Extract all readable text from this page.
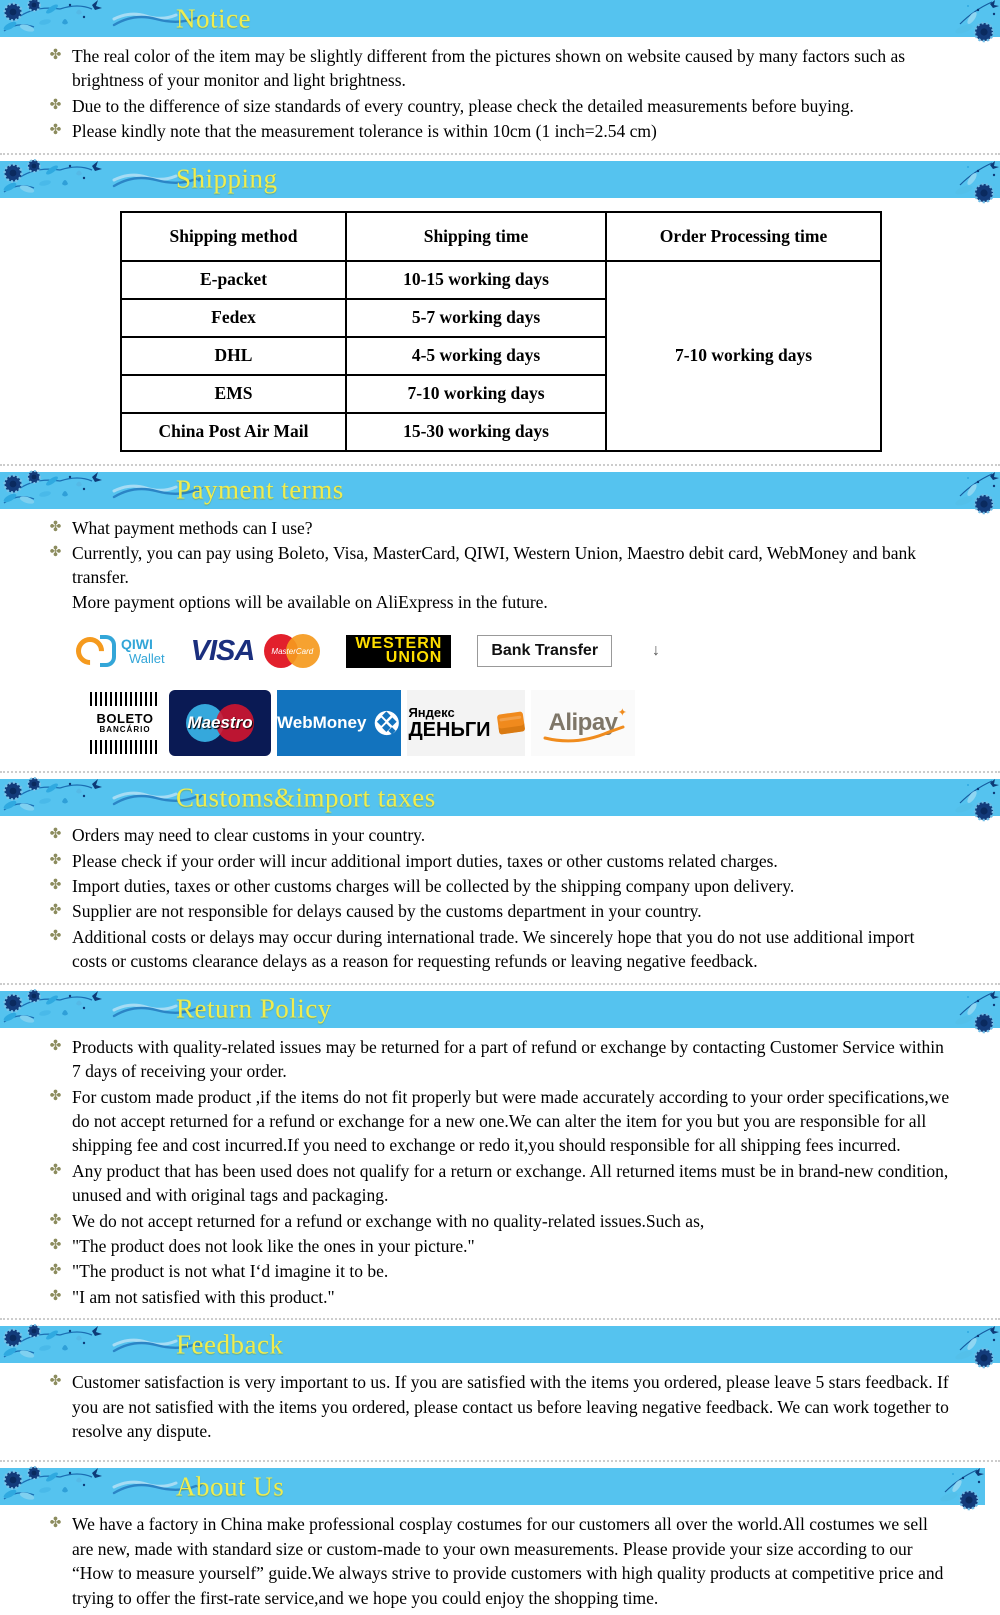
Notice
✤ The real color of the item may be slightly different from the pictures shown on website caused by many factors such as brightness of your monitor and light brightness.
✤ Due to the difference of size standards of every country, please check the detailed measurements before buying.
✤ Please kindly note that the measurement tolerance is within 10cm (1 inch=2.54 cm)
Shipping
Shipping method	Shipping time	Order Processing time
E-packet	10-15 working days	7-10 working days
Fedex	5-7 working days	
DHL	4-5 working days	
EMS	7-10 working days	
China Post Air Mail	15-30 working days	
Payment terms
✤ What payment methods can I use?
✤ Currently, you can pay using Boleto, Visa, MasterCard, QIWI, Western Union, Maestro debit card, WebMoney and bank transfer.
More payment options will be available on AliExpress in the future.
QIWI
Wallet VISA	MasterCard	WESTERN
UNION	Bank Transfer	↓
BOLETO
BANCÁRIO	Maestro WebMoney
Яндекс
ДЕНЬГИ Alipay ✦
Customs&import taxes
✤ Orders may need to clear customs in your country.
✤ Please check if your order will incur additional import duties, taxes or other customs related charges.
✤ Import duties, taxes or other customs charges will be collected by the shipping company upon delivery.
✤ Supplier are not responsible for delays caused by the customs department in your country.
✤ Additional costs or delays may occur during international trade. We sincerely hope that you do not use additional import costs or customs clearance delays as a reason for requesting refunds or leaving negative feedback.
Return Policy
✤ Products with quality-related issues may be returned for a part of refund or exchange by contacting Customer Service within 7 days of receiving your order.
✤ For custom made product ,if the items do not fit properly but were made accurately according to your order specifications,we do not accept returned for a refund or exchange for a new one.We can alter the item for you but you are responsible for all shipping fee and cost incurred.If you need to exchange or redo it,you should responsible for all shipping fees incurred.
✤ Any product that has been used does not qualify for a return or exchange. All returned items must be in brand-new condition, unused and with original tags and packaging.
✤ We do not accept returned for a refund or exchange with no quality-related issues.Such as,
✤ "The product does not look like the ones in your picture."
✤ "The product is not what I‘d imagine it to be.
✤ "I am not satisfied with this product."
Feedback
✤ Customer satisfaction is very important to us. If you are satisfied with the items you ordered, please leave 5 stars feedback. If you are not satisfied with the items you ordered, please contact us before leaving negative feedback. We can work together to resolve any dispute.
About Us
✤ We have a factory in China make professional cosplay costumes for our customers all over the world.All costumes we sell are new, made with standard size or custom-made to your own measurements. Please provide your size according to our “How to measure yourself” guide.We always strive to provide customers with high quality products at competitive price and trying to offer the first-rate service,and we hope you could enjoy the shopping time.
